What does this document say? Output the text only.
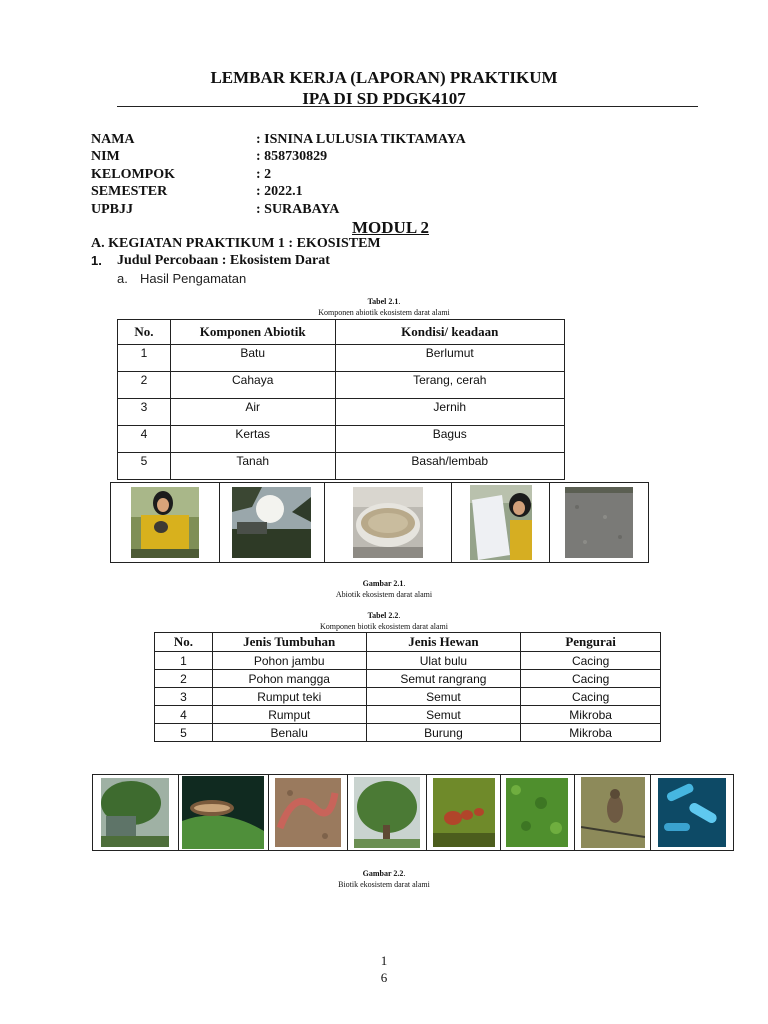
LEMBAR KERJA (LAPORAN) PRAKTIKUM
IPA DI SD PDGK4107
NAMA	: ISNINA LULUSIA TIKTAMAYA
NIM	: 858730829
KELOMPOK	: 2
SEMESTER	: 2022.1
UPBJJ	: SURABAYA
MODUL 2
A. KEGIATAN PRAKTIKUM 1 : EKOSISTEM
1. Judul Percobaan : Ekosistem Darat
a. Hasil Pengamatan
Tabel 2.1.
Komponen abiotik ekosistem darat alami
No.	Komponen Abiotik	Kondisi/ keadaan
1	Batu	Berlumut
2	Cahaya	Terang, cerah
3	Air	Jernih
4	Kertas	Bagus
5	Tanah	Basah/lembab
Gambar 2.1.
Abiotik ekosistem darat alami
Tabel 2.2.
Komponen biotik ekosistem darat alami
No.	Jenis Tumbuhan	Jenis Hewan	Pengurai
1	Pohon jambu	Ulat bulu	Cacing
2	Pohon mangga	Semut rangrang	Cacing
3	Rumput teki	Semut	Cacing
4	Rumput	Semut	Mikroba
5	Benalu	Burung	Mikroba
Gambar 2.2.
Biotik ekosistem darat alami
1
6
